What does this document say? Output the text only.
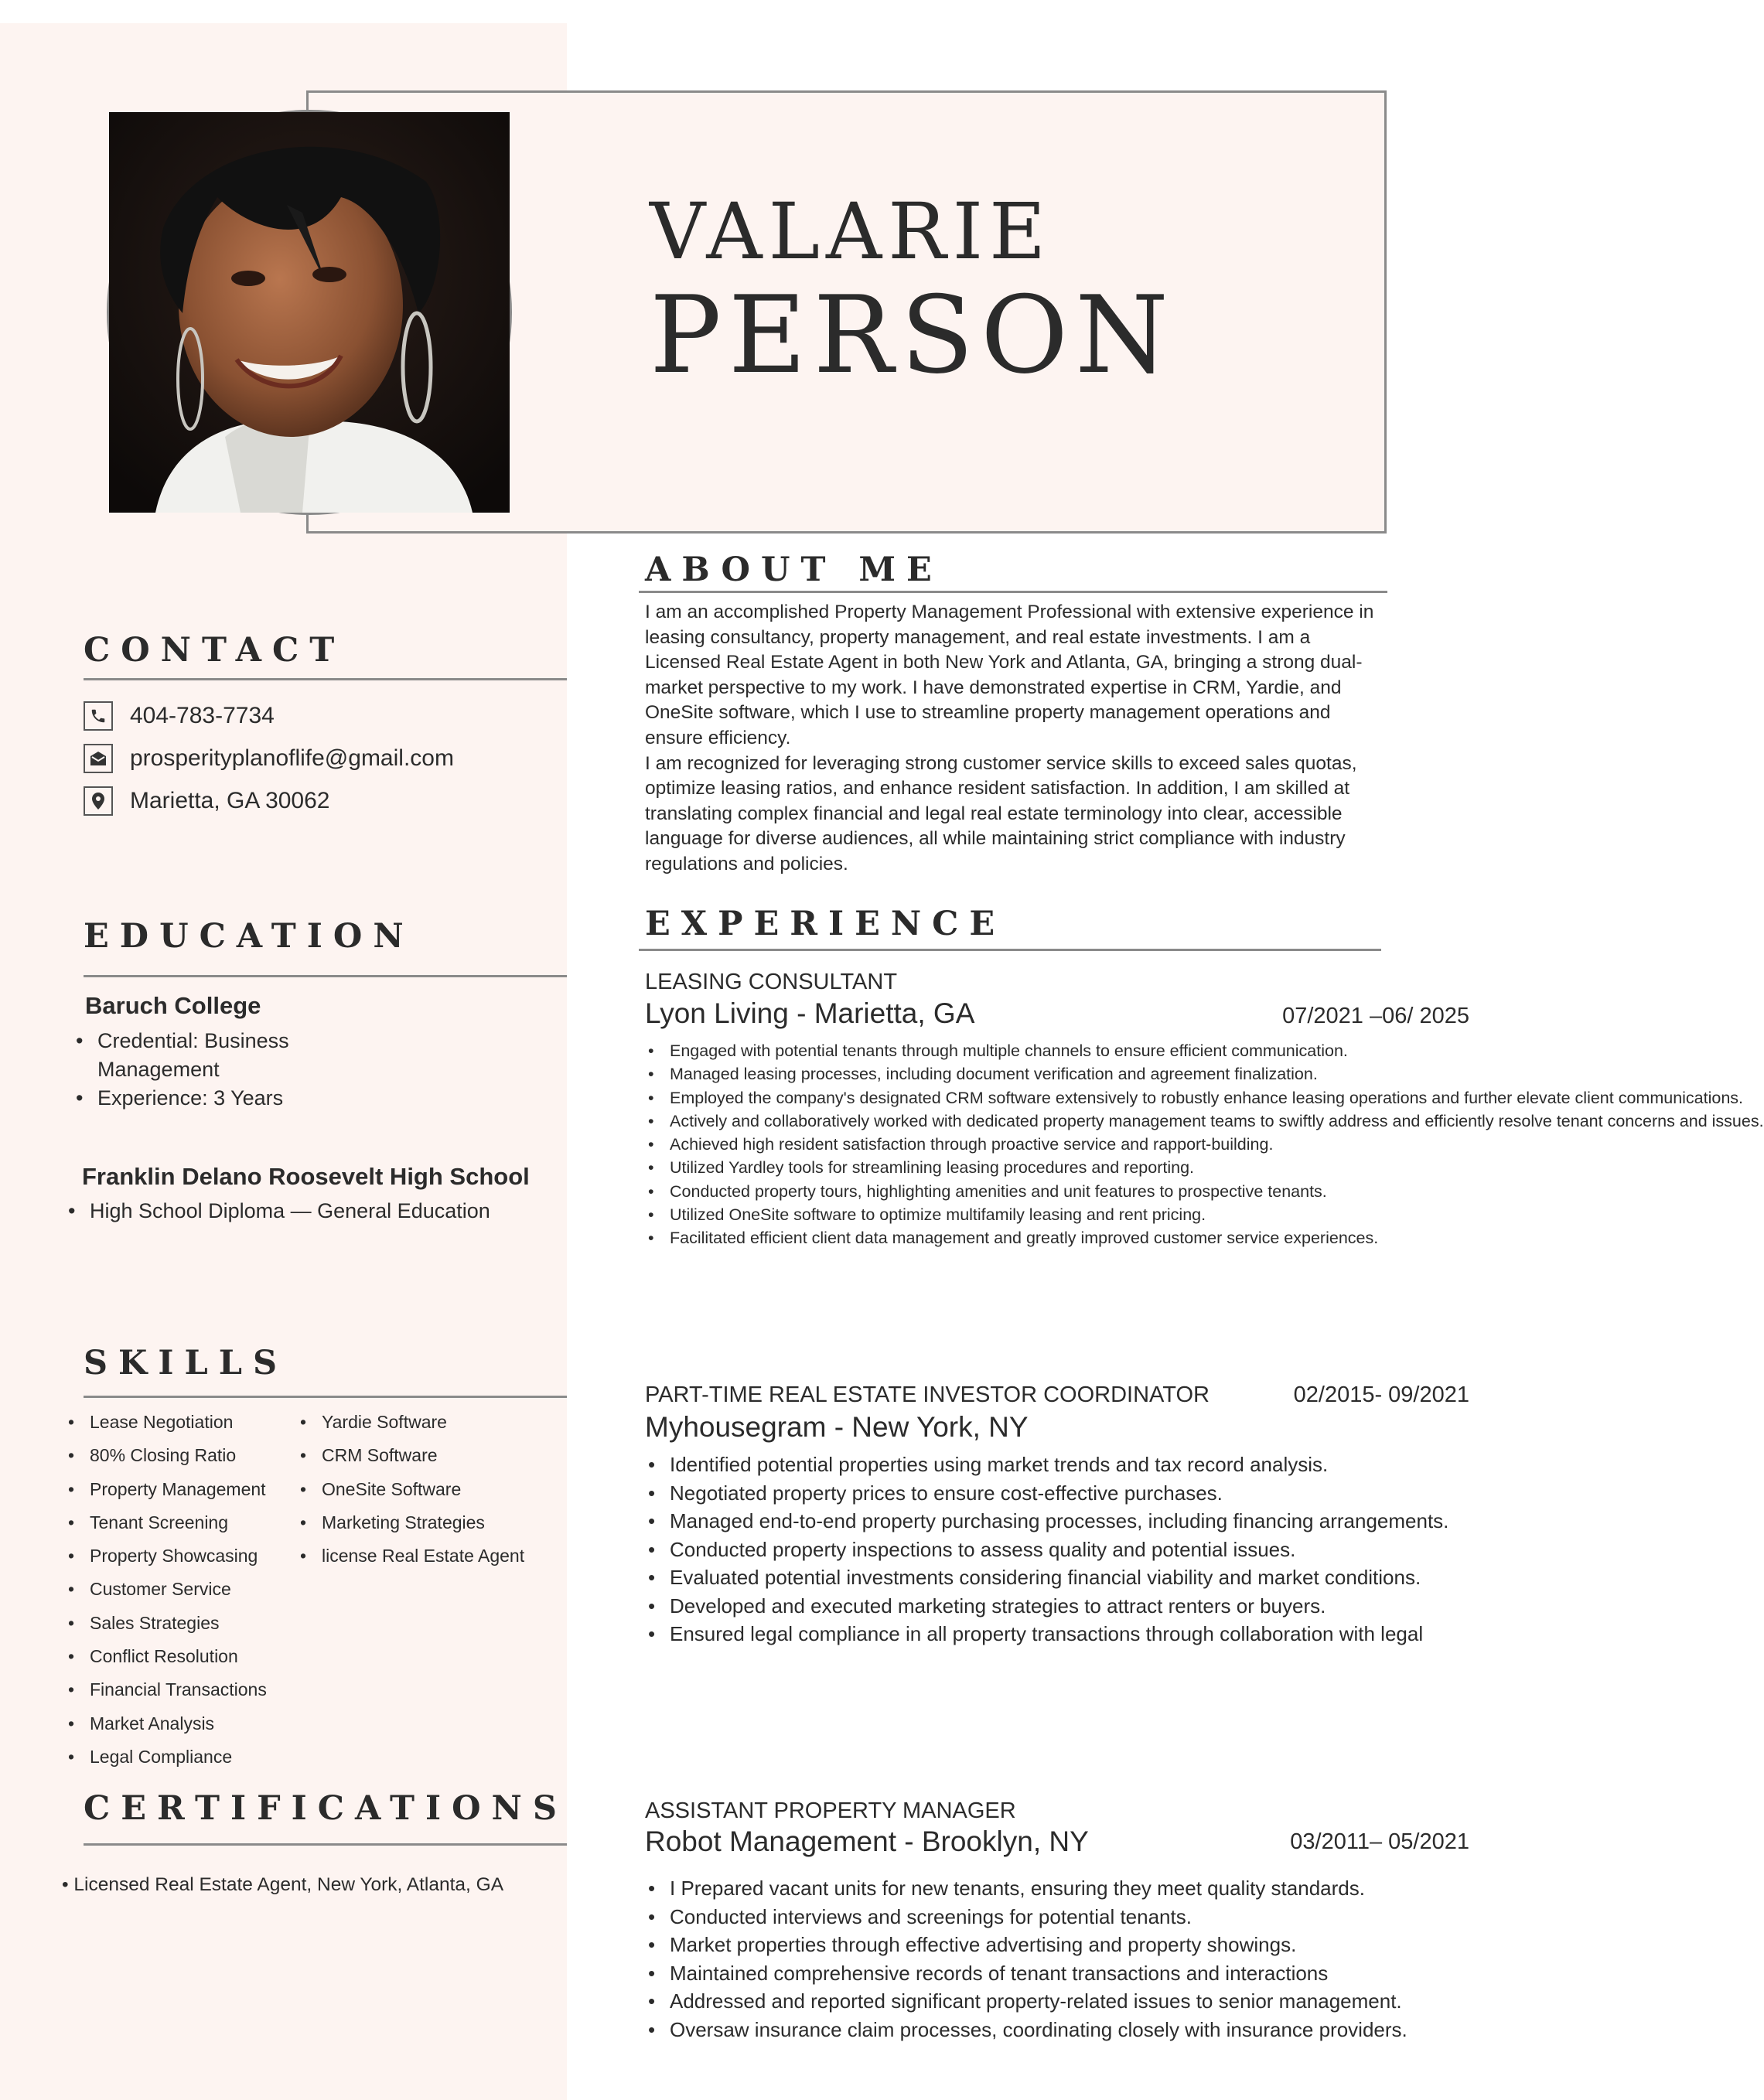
VALARIE
PERSON
CONTACT
404-783-7734
prosperityplanoflife@gmail.com
Marietta, GA 30062
EDUCATION
Baruch College
• Credential: Business
Management
• Experience: 3 Years
Franklin Delano Roosevelt High School
• High School Diploma — General Education
SKILLS
• Lease Negotiation
• 80% Closing Ratio
• Property Management
• Tenant Screening
• Property Showcasing
• Customer Service
• Sales Strategies
• Conflict Resolution
• Financial Transactions
• Market Analysis
• Legal Compliance
• Yardie Software
• CRM Software
• OneSite Software
• Marketing Strategies
• license Real Estate Agent
CERTIFICATIONS
• Licensed Real Estate Agent, New York, Atlanta, GA
ABOUT ME

I am an accomplished Property Management Professional with extensive experience in leasing consultancy, property management, and real estate investments. I am a Licensed Real Estate Agent in both New York and Atlanta, GA, bringing a strong dual-market perspective to my work. I have demonstrated expertise in CRM, Yardie, and OneSite software, which I use to streamline property management operations and ensure efficiency.

I am recognized for leveraging strong customer service skills to exceed sales quotas, optimize leasing ratios, and enhance resident satisfaction. In addition, I am skilled at translating complex financial and legal real estate terminology into clear, accessible language for diverse audiences, all while maintaining strict compliance with industry regulations and policies.

EXPERIENCE
LEASING CONSULTANT
Lyon Living - Marietta, GA	07/2021 –06/ 2025
• Engaged with potential tenants through multiple channels to ensure efficient communication.
• Managed leasing processes, including document verification and agreement finalization.
• Employed the company's designated CRM software extensively to robustly enhance leasing operations and further elevate client communications.
• Actively and collaboratively worked with dedicated property management teams to swiftly address and efficiently resolve tenant concerns and issues.
• Achieved high resident satisfaction through proactive service and rapport-building.
• Utilized Yardley tools for streamlining leasing procedures and reporting.
• Conducted property tours, highlighting amenities and unit features to prospective tenants.
• Utilized OneSite software to optimize multifamily leasing and rent pricing.
• Facilitated efficient client data management and greatly improved customer service experiences.
PART-TIME REAL ESTATE INVESTOR COORDINATOR	02/2015- 09/2021
Myhousegram - New York, NY
• Identified potential properties using market trends and tax record analysis.
• Negotiated property prices to ensure cost-effective purchases.
• Managed end-to-end property purchasing processes, including financing arrangements.
• Conducted property inspections to assess quality and potential issues.
• Evaluated potential investments considering financial viability and market conditions.
• Developed and executed marketing strategies to attract renters or buyers.
• Ensured legal compliance in all property transactions through collaboration with legal
ASSISTANT PROPERTY MANAGER
Robot Management - Brooklyn, NY	03/2011– 05/2021
• I Prepared vacant units for new tenants, ensuring they meet quality standards.
• Conducted interviews and screenings for potential tenants.
• Market properties through effective advertising and property showings.
• Maintained comprehensive records of tenant transactions and interactions
• Addressed and reported significant property-related issues to senior management.
• Oversaw insurance claim processes, coordinating closely with insurance providers.
